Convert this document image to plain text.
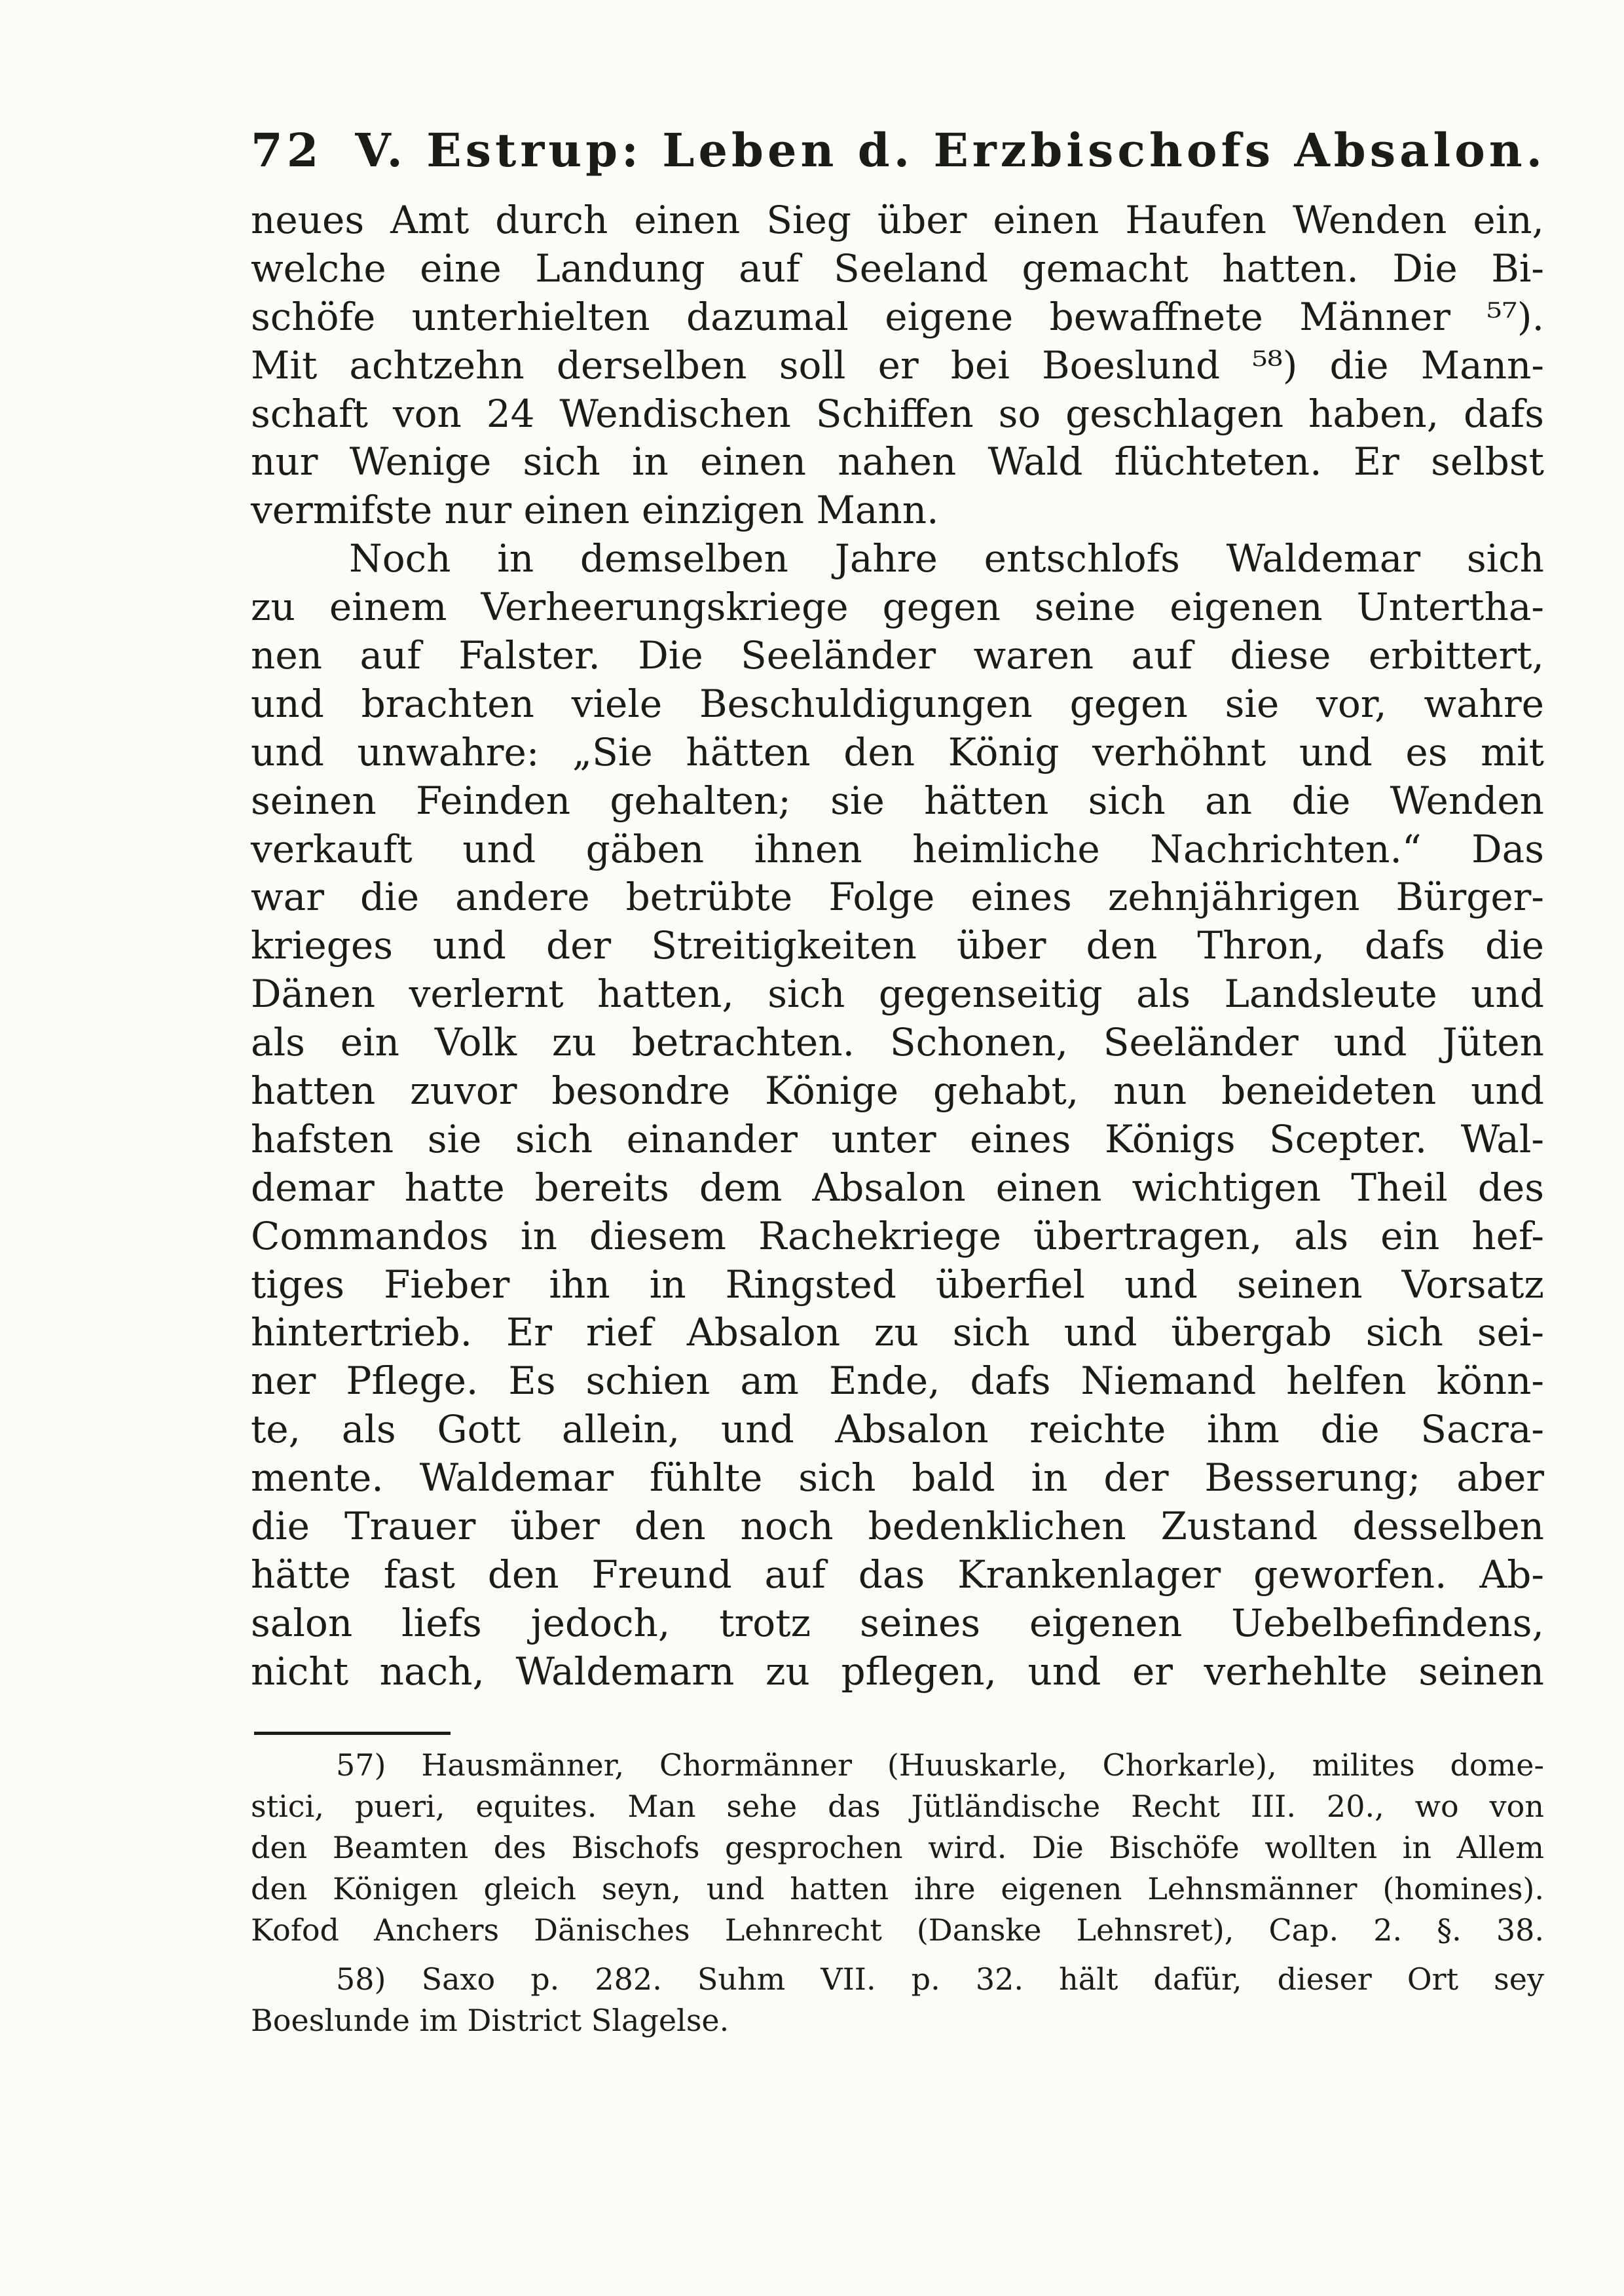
72 V. Estrup: Leben d. Erzbischofs Absalon.
neues Amt durch einen Sieg über einen Haufen Wenden ein,
welche eine Landung auf Seeland gemacht hatten. Die Bi-
schöfe unterhielten dazumal eigene bewaffnete Männer ⁵⁷).
Mit achtzehn derselben soll er bei Boeslund ⁵⁸) die Mann-
schaft von 24 Wendischen Schiffen so geschlagen haben, dafs
nur Wenige sich in einen nahen Wald flüchteten. Er selbst
vermifste nur einen einzigen Mann.
Noch in demselben Jahre entschlofs Waldemar sich
zu einem Verheerungskriege gegen seine eigenen Untertha-
nen auf Falster. Die Seeländer waren auf diese erbittert,
und brachten viele Beschuldigungen gegen sie vor, wahre
und unwahre: „Sie hätten den König verhöhnt und es mit
seinen Feinden gehalten; sie hätten sich an die Wenden
verkauft und gäben ihnen heimliche Nachrichten.“ Das
war die andere betrübte Folge eines zehnjährigen Bürger-
krieges und der Streitigkeiten über den Thron, dafs die
Dänen verlernt hatten, sich gegenseitig als Landsleute und
als ein Volk zu betrachten. Schonen, Seeländer und Jüten
hatten zuvor besondre Könige gehabt, nun beneideten und
hafsten sie sich einander unter eines Königs Scepter. Wal-
demar hatte bereits dem Absalon einen wichtigen Theil des
Commandos in diesem Rachekriege übertragen, als ein hef-
tiges Fieber ihn in Ringsted überfiel und seinen Vorsatz
hintertrieb. Er rief Absalon zu sich und übergab sich sei-
ner Pflege. Es schien am Ende, dafs Niemand helfen könn-
te, als Gott allein, und Absalon reichte ihm die Sacra-
mente. Waldemar fühlte sich bald in der Besserung; aber
die Trauer über den noch bedenklichen Zustand desselben
hätte fast den Freund auf das Krankenlager geworfen. Ab-
salon liefs jedoch, trotz seines eigenen Uebelbefindens,
nicht nach, Waldemarn zu pflegen, und er verhehlte seinen
57) Hausmänner, Chormänner (Huuskarle, Chorkarle), milites dome-
stici, pueri, equites. Man sehe das Jütländische Recht III. 20., wo von
den Beamten des Bischofs gesprochen wird. Die Bischöfe wollten in Allem
den Königen gleich seyn, und hatten ihre eigenen Lehnsmänner (homines).
Kofod Anchers Dänisches Lehnrecht (Danske Lehnsret), Cap. 2. §. 38.
58) Saxo p. 282. Suhm VII. p. 32. hält dafür, dieser Ort sey
Boeslunde im District Slagelse.
